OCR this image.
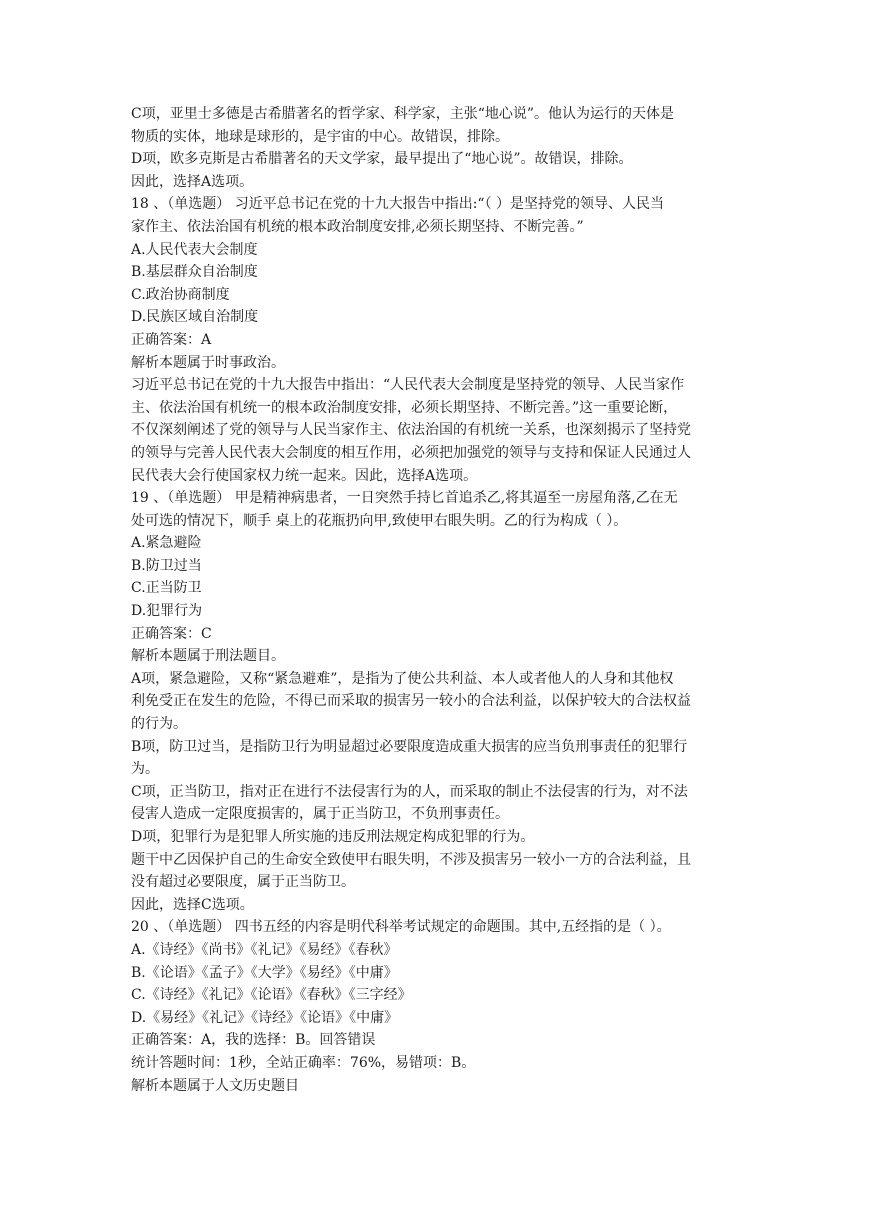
C项，亚里士多德是古希腊著名的哲学家、科学家，主张“地心说”。他认为运行的天体是
物质的实体，地球是球形的，是宇宙的中心。故错误，排除。
D项，欧多克斯是古希腊著名的天文学家，最早提出了“地心说”。故错误，排除。
因此，选择A选项。
18 、（单选题） 习近平总书记在党的十九大报告中指出:“（ ）是坚持党的领导、人民当
家作主、依法治国有机统的根本政治制度安排,必须长期坚持、不断完善。”
A.人民代表大会制度
B.基层群众自治制度
C.政治协商制度
D.民族区域自治制度
正确答案：A
解析本题属于时事政治。
习近平总书记在党的十九大报告中指出：“人民代表大会制度是坚持党的领导、人民当家作
主、依法治国有机统一的根本政治制度安排，必须长期坚持、不断完善。”这一重要论断，
不仅深刻阐述了党的领导与人民当家作主、依法治国的有机统一关系，也深刻揭示了坚持党
的领导与完善人民代表大会制度的相互作用，必须把加强党的领导与支持和保证人民通过人
民代表大会行使国家权力统一起来。因此，选择A选项。
19 、（单选题） 甲是精神病患者，一日突然手持匕首追杀乙,将其逼至一房屋角落,乙在无
处可选的情况下，顺手 桌上的花瓶扔向甲,致使甲右眼失明。乙的行为构成（ ）。
A.紧急避险
B.防卫过当
C.正当防卫
D.犯罪行为
正确答案：C
解析本题属于刑法题目。
A项，紧急避险，又称“紧急避难”，是指为了使公共利益、本人或者他人的人身和其他权
利免受正在发生的危险，不得已而采取的损害另一较小的合法利益，以保护较大的合法权益
的行为。
B项，防卫过当，是指防卫行为明显超过必要限度造成重大损害的应当负刑事责任的犯罪行
为。
C项，正当防卫，指对正在进行不法侵害行为的人，而采取的制止不法侵害的行为，对不法
侵害人造成一定限度损害的，属于正当防卫，不负刑事责任。
D项，犯罪行为是犯罪人所实施的违反刑法规定构成犯罪的行为。
题干中乙因保护自己的生命安全致使甲右眼失明，不涉及损害另一较小一方的合法利益，且
没有超过必要限度，属于正当防卫。
因此，选择C选项。
20 、（单选题） 四书五经的内容是明代科举考试规定的命题围。其中,五经指的是（ ）。
A.《诗经》《尚书》《礼记》《易经》《春秋》
B.《论语》《孟子》《大学》《易经》《中庸》
C.《诗经》《礼记》《论语》《春秋》《三字经》
D.《易经》《礼记》《诗经》《论语》《中庸》
正确答案：A，我的选择：B。回答错误
统计答题时间：1秒，全站正确率：76%，易错项：B。
解析本题属于人文历史题目
